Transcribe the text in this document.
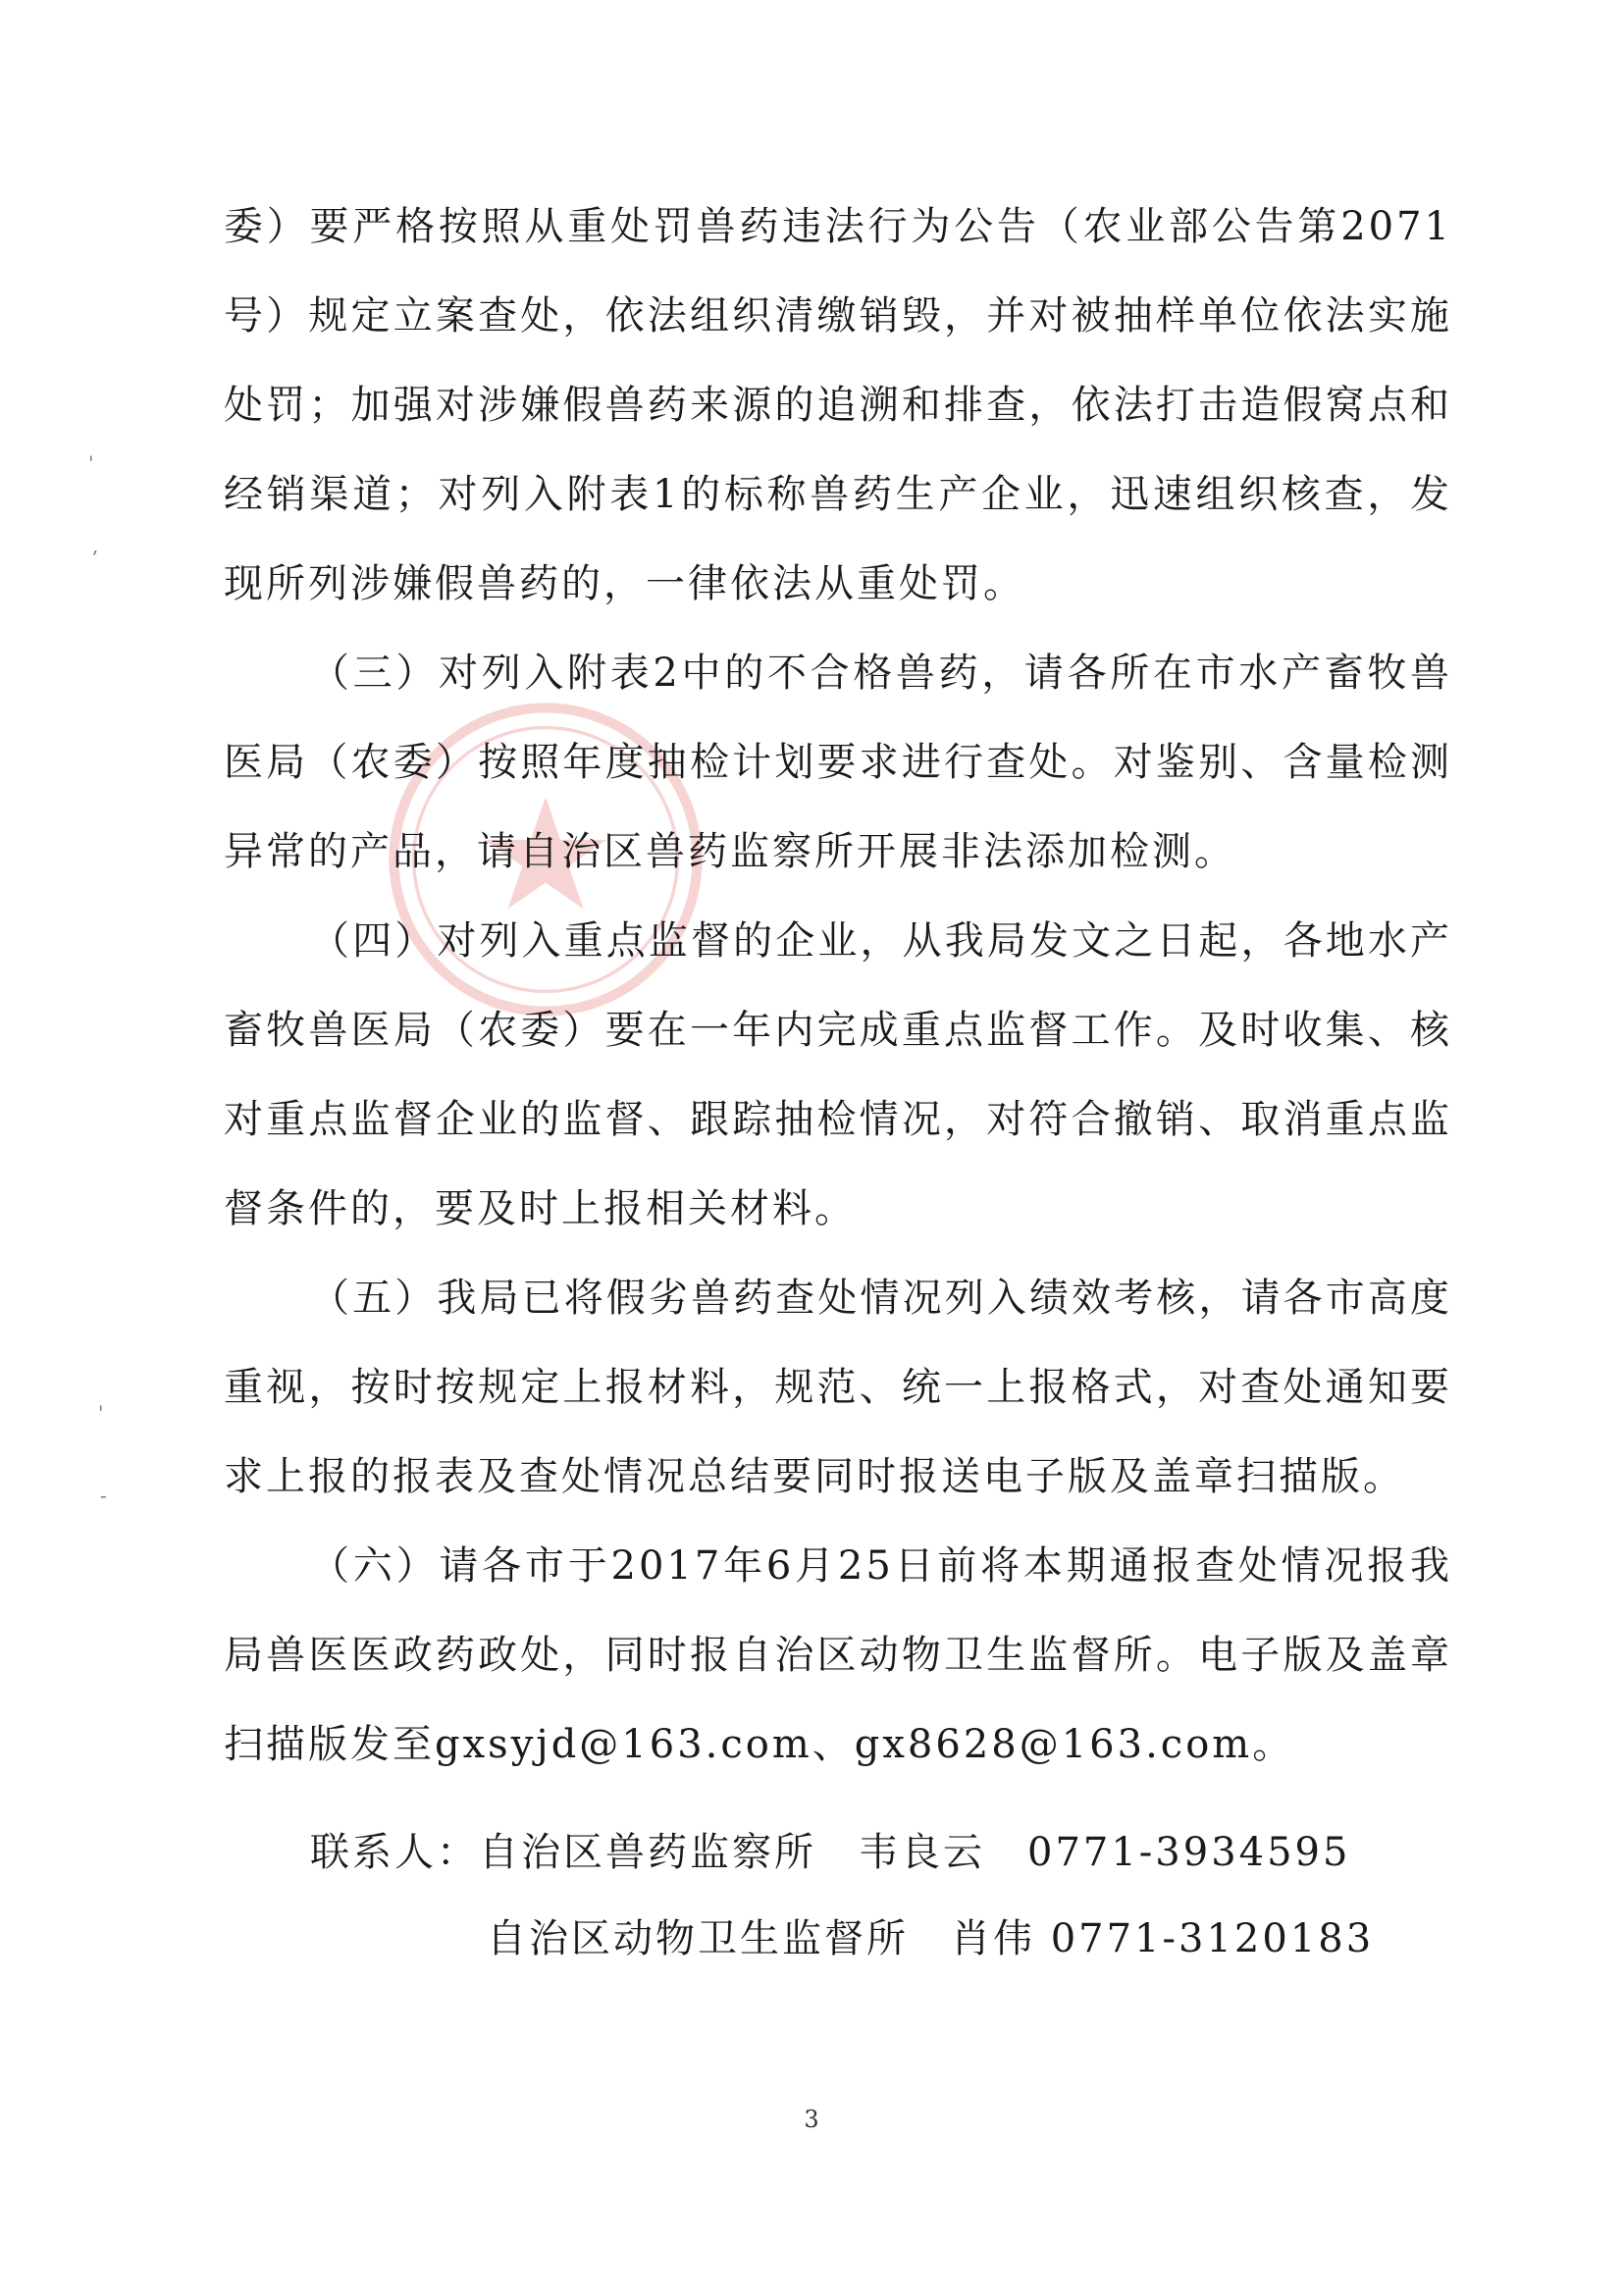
委）要严格按照从重处罚兽药违法行为公告（农业部公告第2071号）规定立案查处，依法组织清缴销毁，并对被抽样单位依法实施处罚；加强对涉嫌假兽药来源的追溯和排查，依法打击造假窝点和经销渠道；对列入附表1的标称兽药生产企业，迅速组织核查，发现所列涉嫌假兽药的，一律依法从重处罚。

（三）对列入附表2中的不合格兽药，请各所在市水产畜牧兽医局（农委）按照年度抽检计划要求进行查处。对鉴别、含量检测异常的产品，请自治区兽药监察所开展非法添加检测。

（四）对列入重点监督的企业，从我局发文之日起，各地水产畜牧兽医局（农委）要在一年内完成重点监督工作。及时收集、核对重点监督企业的监督、跟踪抽检情况，对符合撤销、取消重点监督条件的，要及时上报相关材料。

（五）我局已将假劣兽药查处情况列入绩效考核，请各市高度重视，按时按规定上报材料，规范、统一上报格式，对查处通知要求上报的报表及查处情况总结要同时报送电子版及盖章扫描版。

（六）请各市于2017年6月25日前将本期通报查处情况报我局兽医医政药政处，同时报自治区动物卫生监督所。电子版及盖章扫描版发至gxsyjd@163.com、gx8628@163.com。

联系人：自治区兽药监察所　韦良云　0771-3934595
自治区动物卫生监督所　肖伟 0771-3120183
3
'
,
'
-
